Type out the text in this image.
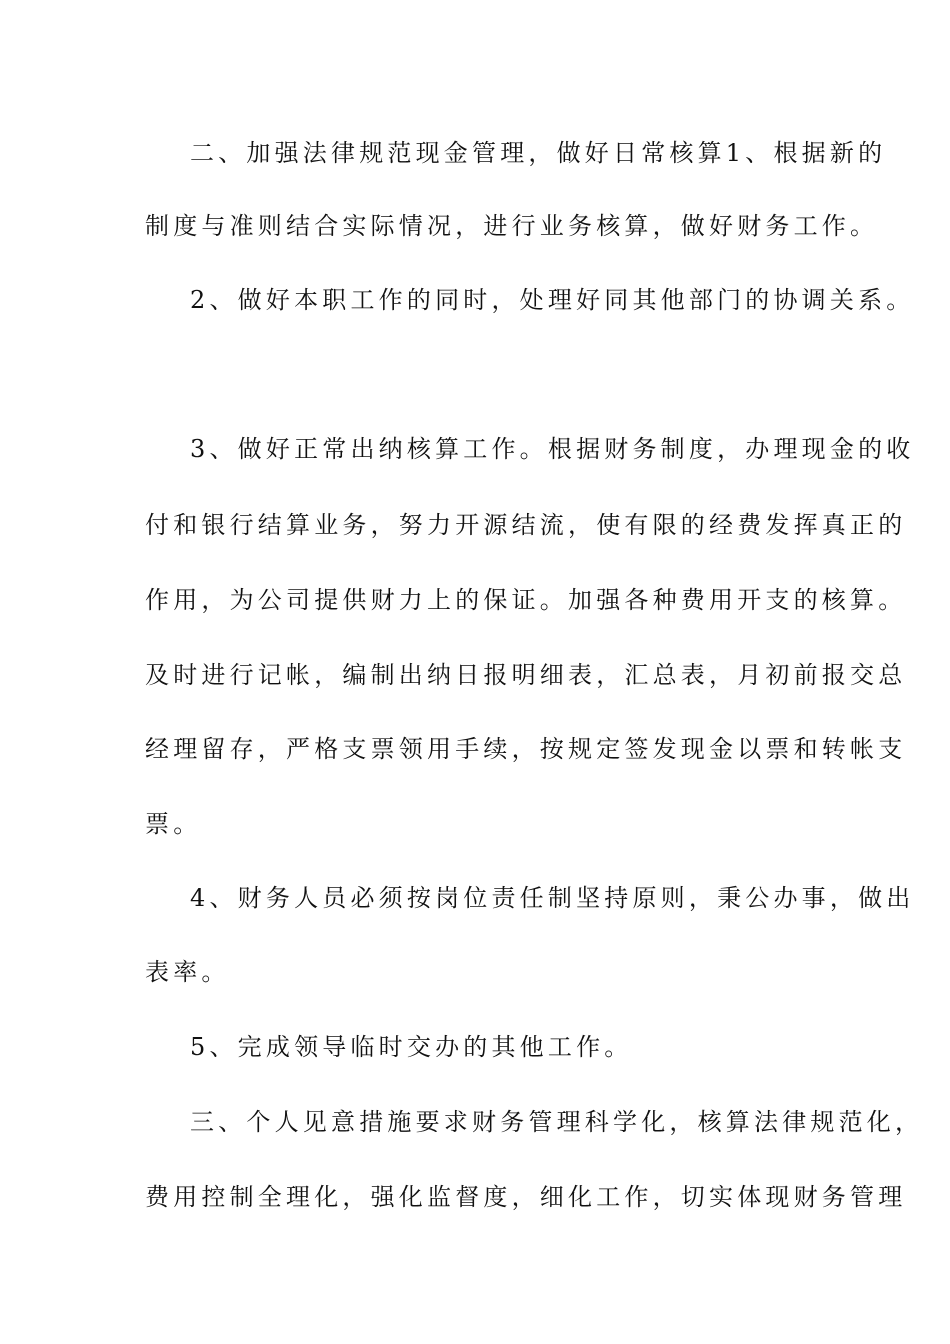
二、加强法律规范现金管理，做好日常核算1、根据新的
制度与准则结合实际情况，进行业务核算，做好财务工作。
2、做好本职工作的同时，处理好同其他部门的协调关系。
3、做好正常出纳核算工作。根据财务制度，办理现金的收
付和银行结算业务，努力开源结流，使有限的经费发挥真正的
作用，为公司提供财力上的保证。加强各种费用开支的核算。
及时进行记帐，编制出纳日报明细表，汇总表，月初前报交总
经理留存，严格支票领用手续，按规定签发现金以票和转帐支
票。
4、财务人员必须按岗位责任制坚持原则，秉公办事，做出
表率。
5、完成领导临时交办的其他工作。
三、个人见意措施要求财务管理科学化，核算法律规范化，
费用控制全理化，强化监督度，细化工作，切实体现财务管理
